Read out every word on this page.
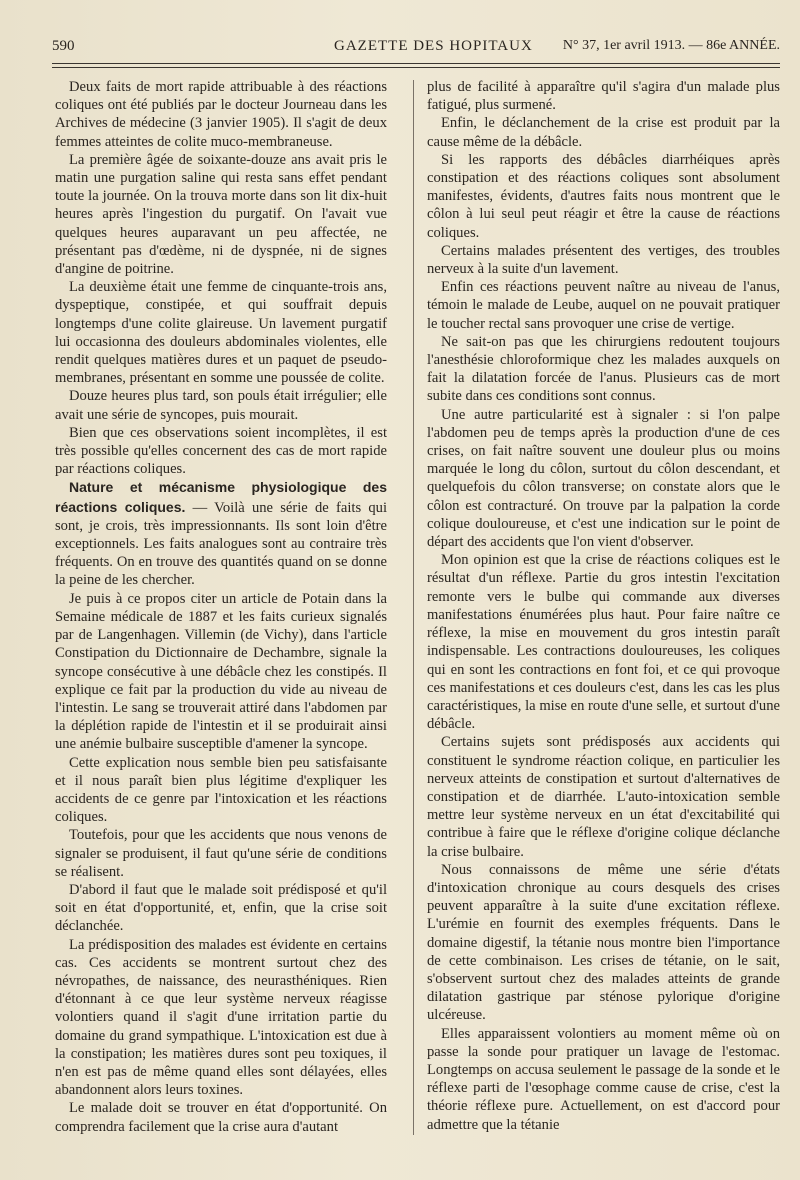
590	GAZETTE DES HOPITAUX N° 37, 1er avril 1913. — 86e ANNÉE.

Deux faits de mort rapide attribuable à des réactions coliques ont été publiés par le docteur Journeau dans les Archives de médecine (3 janvier 1905). Il s'agit de deux femmes atteintes de colite muco-membraneuse.

La première âgée de soixante-douze ans avait pris le matin une purgation saline qui resta sans effet pendant toute la journée. On la trouva morte dans son lit dix-huit heures après l'ingestion du purgatif. On l'avait vue quelques heures auparavant un peu affectée, ne présentant pas d'œdème, ni de dyspnée, ni de signes d'angine de poitrine.

La deuxième était une femme de cinquante-trois ans, dyspeptique, constipée, et qui souffrait depuis longtemps d'une colite glaireuse. Un lavement purgatif lui occasionna des douleurs abdominales violentes, elle rendit quelques matières dures et un paquet de pseudo-membranes, présentant en somme une poussée de colite.

Douze heures plus tard, son pouls était irrégulier; elle avait une série de syncopes, puis mourait.

Bien que ces observations soient incomplètes, il est très possible qu'elles concernent des cas de mort rapide par réactions coliques.

Nature et mécanisme physiologique des réactions coliques. — Voilà une série de faits qui sont, je crois, très impressionnants. Ils sont loin d'être exceptionnels. Les faits analogues sont au contraire très fréquents. On en trouve des quantités quand on se donne la peine de les chercher.

Je puis à ce propos citer un article de Potain dans la Semaine médicale de 1887 et les faits curieux signalés par de Langenhagen. Villemin (de Vichy), dans l'article Constipation du Dictionnaire de Dechambre, signale la syncope consécutive à une débâcle chez les constipés. Il explique ce fait par la production du vide au niveau de l'intestin. Le sang se trouverait attiré dans l'abdomen par la déplétion rapide de l'intestin et il se produirait ainsi une anémie bulbaire susceptible d'amener la syncope.

Cette explication nous semble bien peu satisfaisante et il nous paraît bien plus légitime d'expliquer les accidents de ce genre par l'intoxication et les réactions coliques.

Toutefois, pour que les accidents que nous venons de signaler se produisent, il faut qu'une série de conditions se réalisent.

D'abord il faut que le malade soit prédisposé et qu'il soit en état d'opportunité, et, enfin, que la crise soit déclanchée.

La prédisposition des malades est évidente en certains cas. Ces accidents se montrent surtout chez des névropathes, de naissance, des neurasthéniques. Rien d'étonnant à ce que leur système nerveux réagisse volontiers quand il s'agit d'une irritation partie du domaine du grand sympathique. L'intoxication est due à la constipation; les matières dures sont peu toxiques, il n'en est pas de même quand elles sont délayées, elles abandonnent alors leurs toxines.

Le malade doit se trouver en état d'opportunité. On comprendra facilement que la crise aura d'autant

plus de facilité à apparaître qu'il s'agira d'un malade plus fatigué, plus surmené.

Enfin, le déclanchement de la crise est produit par la cause même de la débâcle.

Si les rapports des débâcles diarrhéiques après constipation et des réactions coliques sont absolument manifestes, évidents, d'autres faits nous montrent que le côlon à lui seul peut réagir et être la cause de réactions coliques.

Certains malades présentent des vertiges, des troubles nerveux à la suite d'un lavement.

Enfin ces réactions peuvent naître au niveau de l'anus, témoin le malade de Leube, auquel on ne pouvait pratiquer le toucher rectal sans provoquer une crise de vertige.

Ne sait-on pas que les chirurgiens redoutent toujours l'anesthésie chloroformique chez les malades auxquels on fait la dilatation forcée de l'anus. Plusieurs cas de mort subite dans ces conditions sont connus.

Une autre particularité est à signaler : si l'on palpe l'abdomen peu de temps après la production d'une de ces crises, on fait naître souvent une douleur plus ou moins marquée le long du côlon, surtout du côlon descendant, et quelquefois du côlon transverse; on constate alors que le côlon est contracturé. On trouve par la palpation la corde colique douloureuse, et c'est une indication sur le point de départ des accidents que l'on vient d'observer.

Mon opinion est que la crise de réactions coliques est le résultat d'un réflexe. Partie du gros intestin l'excitation remonte vers le bulbe qui commande aux diverses manifestations énumérées plus haut. Pour faire naître ce réflexe, la mise en mouvement du gros intestin paraît indispensable. Les contractions douloureuses, les coliques qui en sont les contractions en font foi, et ce qui provoque ces manifestations et ces douleurs c'est, dans les cas les plus caractéristiques, la mise en route d'une selle, et surtout d'une débâcle.

Certains sujets sont prédisposés aux accidents qui constituent le syndrome réaction colique, en particulier les nerveux atteints de constipation et surtout d'alternatives de constipation et de diarrhée. L'auto-intoxication semble mettre leur système nerveux en un état d'excitabilité qui contribue à faire que le réflexe d'origine colique déclanche la crise bulbaire.

Nous connaissons de même une série d'états d'intoxication chronique au cours desquels des crises peuvent apparaître à la suite d'une excitation réflexe. L'urémie en fournit des exemples fréquents. Dans le domaine digestif, la tétanie nous montre bien l'importance de cette combinaison. Les crises de tétanie, on le sait, s'observent surtout chez des malades atteints de grande dilatation gastrique par sténose pylorique d'origine ulcéreuse.

Elles apparaissent volontiers au moment même où on passe la sonde pour pratiquer un lavage de l'estomac. Longtemps on accusa seulement le passage de la sonde et le réflexe parti de l'œsophage comme cause de crise, c'est la théorie réflexe pure. Actuellement, on est d'accord pour admettre que la tétanie
